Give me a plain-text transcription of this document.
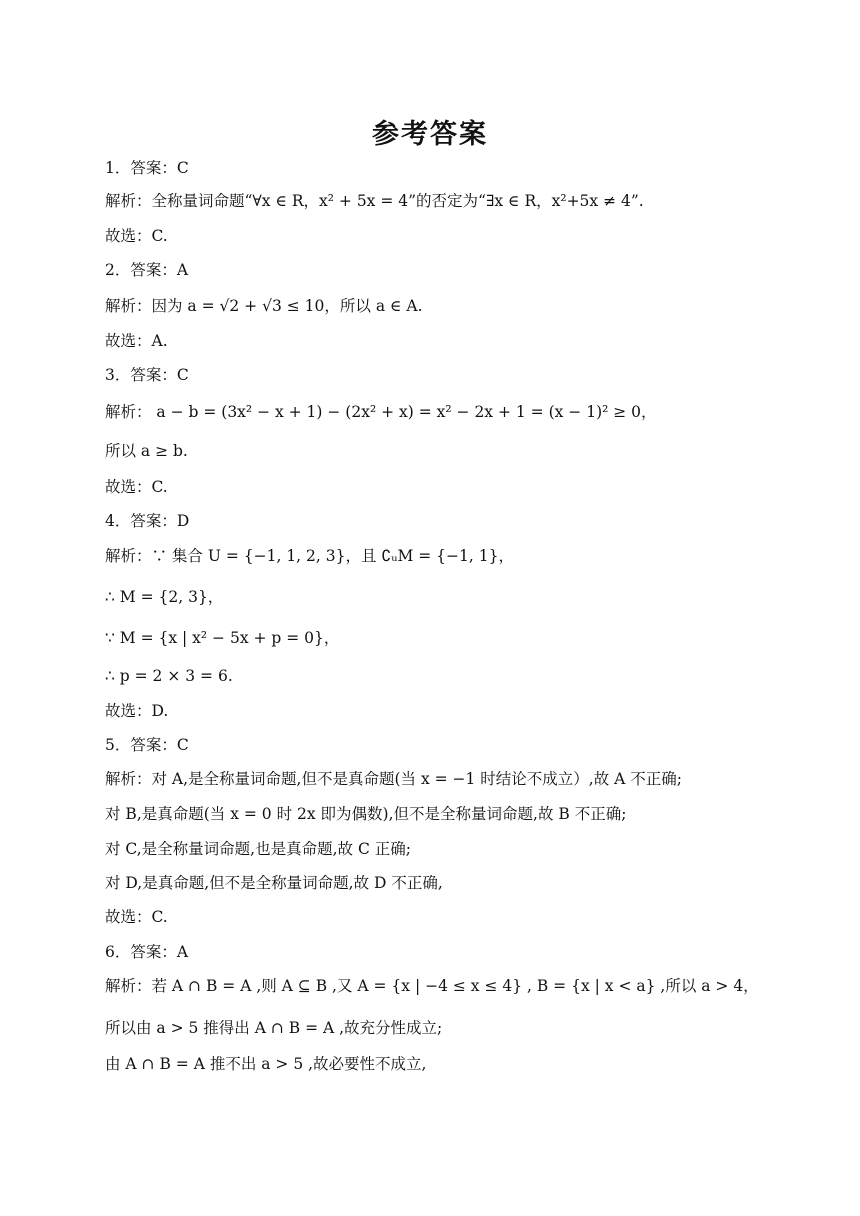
参考答案
1．答案：C
解析：全称量词命题“∀x ∈ R，x² + 5x = 4”的否定为“∃x ∈ R，x²+5x ≠ 4”.
故选：C.
2．答案：A
解析：因为 a = √2 + √3 ≤ 10，所以 a ∈ A.
故选：A.
3．答案：C
解析： a − b = (3x² − x + 1) − (2x² + x) = x² − 2x + 1 = (x − 1)² ≥ 0，
所以 a ≥ b.
故选：C.
4．答案：D
解析：∵ 集合 U = {−1, 1, 2, 3}，且 ∁ᵤM = {−1, 1}，
∴ M = {2, 3}，
∵ M = {x | x² − 5x + p = 0}，
∴ p = 2 × 3 = 6.
故选：D.
5．答案：C
解析：对 A,是全称量词命题,但不是真命题(当 x = −1 时结论不成立）,故 A 不正确;
对 B,是真命题(当 x = 0 时 2x 即为偶数),但不是全称量词命题,故 B 不正确;
对 C,是全称量词命题,也是真命题,故 C 正确;
对 D,是真命题,但不是全称量词命题,故 D 不正确,
故选：C.
6．答案：A
解析：若 A ∩ B = A ,则 A ⊆ B ,又 A = {x | −4 ≤ x ≤ 4} , B = {x | x < a} ,所以 a > 4，
所以由 a > 5 推得出 A ∩ B = A ,故充分性成立;
由 A ∩ B = A 推不出 a > 5 ,故必要性不成立,
